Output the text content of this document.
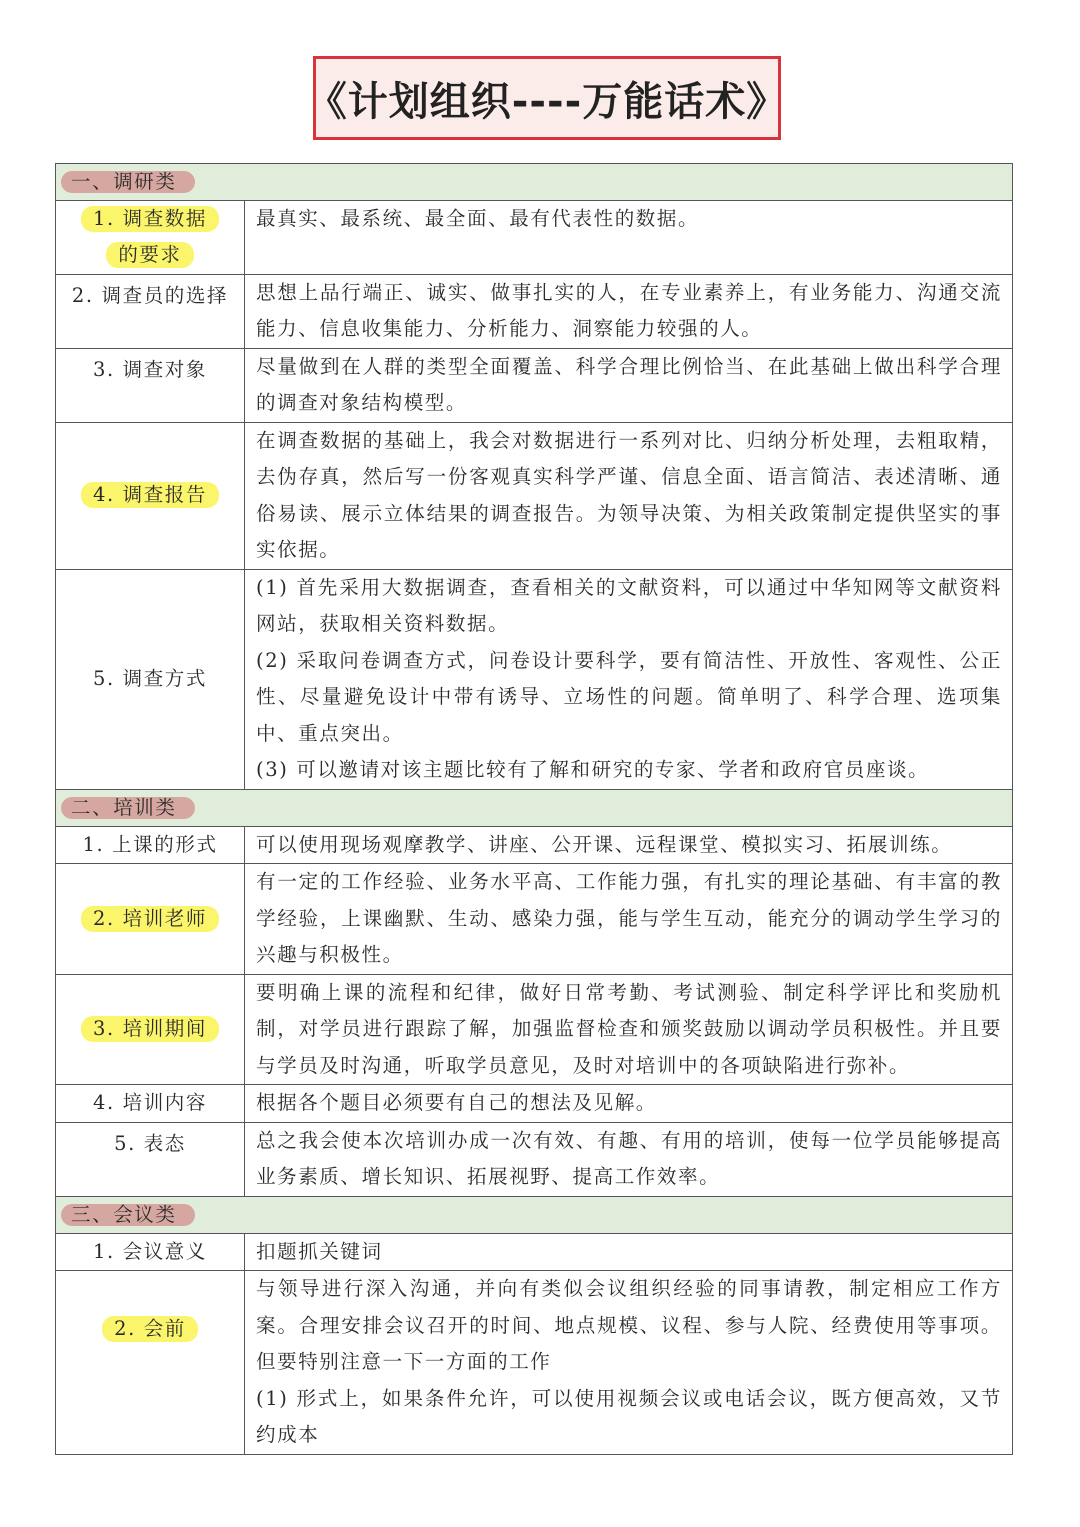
《计划组织----万能话术》
一、调研类	
1. 调查数据
的要求	最真实、最系统、最全面、最有代表性的数据。

2. 调查员的选择	思想上品行端正、诚实、做事扎实的人，在专业素养上，有业务能力、沟通交流能力、信息收集能力、分析能力、洞察能力较强的人。

3. 调查对象	尽量做到在人群的类型全面覆盖、科学合理比例恰当、在此基础上做出科学合理的调查对象结构模型。

4. 调查报告	在调查数据的基础上，我会对数据进行一系列对比、归纳分析处理，去粗取精，去伪存真，然后写一份客观真实科学严谨、信息全面、语言简洁、表述清晰、通俗易读、展示立体结果的调查报告。为领导决策、为相关政策制定提供坚实的事实依据。

5. 调查方式	(1) 首先采用大数据调查，查看相关的文献资料，可以通过中华知网等文献资料网站，获取相关资料数据。

(2) 采取问卷调查方式，问卷设计要科学，要有简洁性、开放性、客观性、公正性、尽量避免设计中带有诱导、立场性的问题。简单明了、科学合理、选项集中、重点突出。

(3) 可以邀请对该主题比较有了解和研究的专家、学者和政府官员座谈。

二、培训类	
1. 上课的形式	可以使用现场观摩教学、讲座、公开课、远程课堂、模拟实习、拓展训练。

2. 培训老师	有一定的工作经验、业务水平高、工作能力强，有扎实的理论基础、有丰富的教学经验，上课幽默、生动、感染力强，能与学生互动，能充分的调动学生学习的兴趣与积极性。

3. 培训期间	要明确上课的流程和纪律，做好日常考勤、考试测验、制定科学评比和奖励机制，对学员进行跟踪了解，加强监督检查和颁奖鼓励以调动学员积极性。并且要与学员及时沟通，听取学员意见，及时对培训中的各项缺陷进行弥补。

4. 培训内容	根据各个题目必须要有自己的想法及见解。

5. 表态	总之我会使本次培训办成一次有效、有趣、有用的培训，使每一位学员能够提高业务素质、增长知识、拓展视野、提高工作效率。

三、会议类	
1. 会议意义	扣题抓关键词

2. 会前	与领导进行深入沟通，并向有类似会议组织经验的同事请教，制定相应工作方案。合理安排会议召开的时间、地点规模、议程、参与人院、经费使用等事项。但要特别注意一下一方面的工作

(1) 形式上，如果条件允许，可以使用视频会议或电话会议，既方便高效，又节约成本
